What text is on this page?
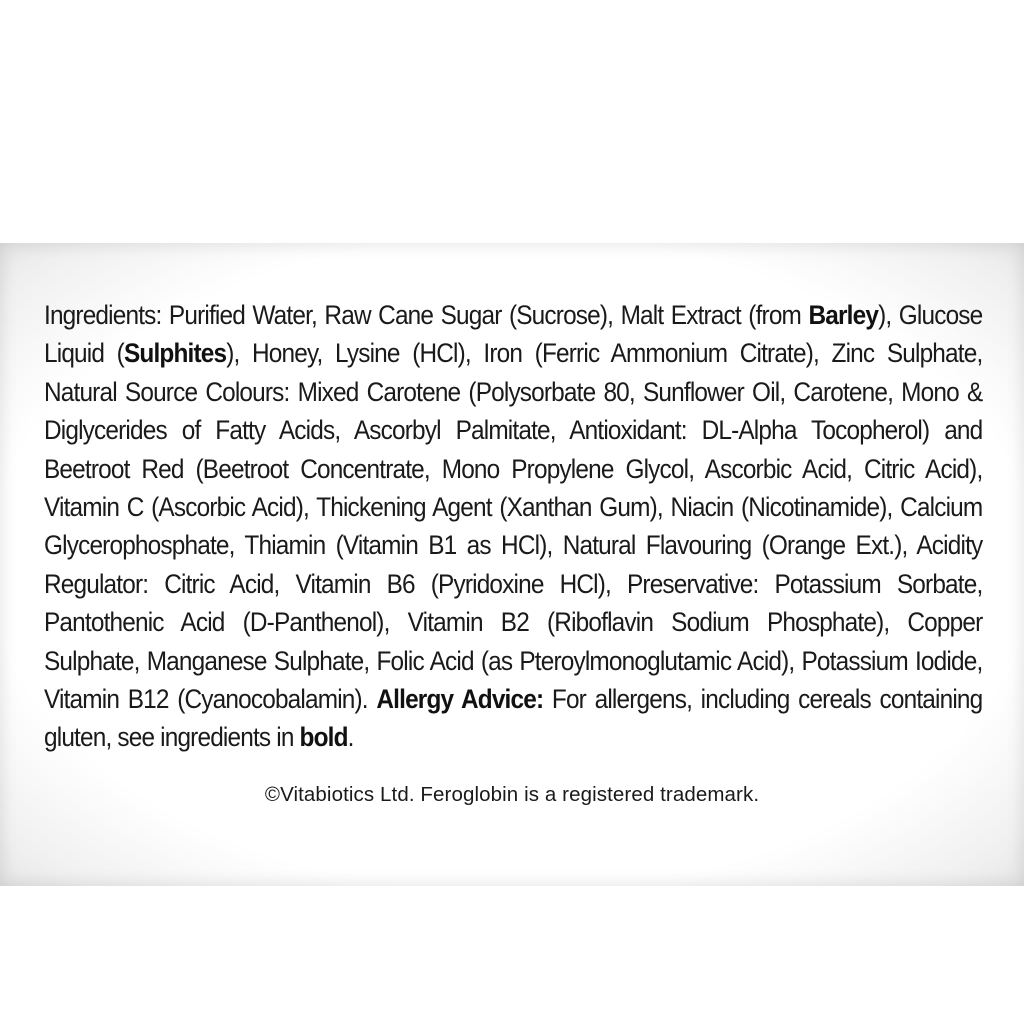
Ingredients: Purified Water, Raw Cane Sugar (Sucrose), Malt Extract (from Barley), Glucose Liquid (Sulphites), Honey, Lysine (HCl), Iron (Ferric Ammonium Citrate), Zinc Sulphate, Natural Source Colours: Mixed Carotene (Polysorbate 80, Sunflower Oil, Carotene, Mono & Diglycerides of Fatty Acids, Ascorbyl Palmitate, Antioxidant: DL-Alpha Tocopherol) and Beetroot Red (Beetroot Concentrate, Mono Propylene Glycol, Ascorbic Acid, Citric Acid), Vitamin C (Ascorbic Acid), Thickening Agent (Xanthan Gum), Niacin (Nicotinamide), Calcium Glycerophosphate, Thiamin (Vitamin B1 as HCl), Natural Flavouring (Orange Ext.), Acidity Regulator: Citric Acid, Vitamin B6 (Pyridoxine HCl), Preservative: Potassium Sorbate, Pantothenic Acid (D-Panthenol), Vitamin B2 (Riboflavin Sodium Phosphate), Copper Sulphate, Manganese Sulphate, Folic Acid (as Pteroylmonoglutamic Acid), Potassium Iodide, Vitamin B12 (Cyanocobalamin). Allergy Advice: For allergens, including cereals containing gluten, see ingredients in bold.

©Vitabiotics Ltd. Feroglobin is a registered trademark.
